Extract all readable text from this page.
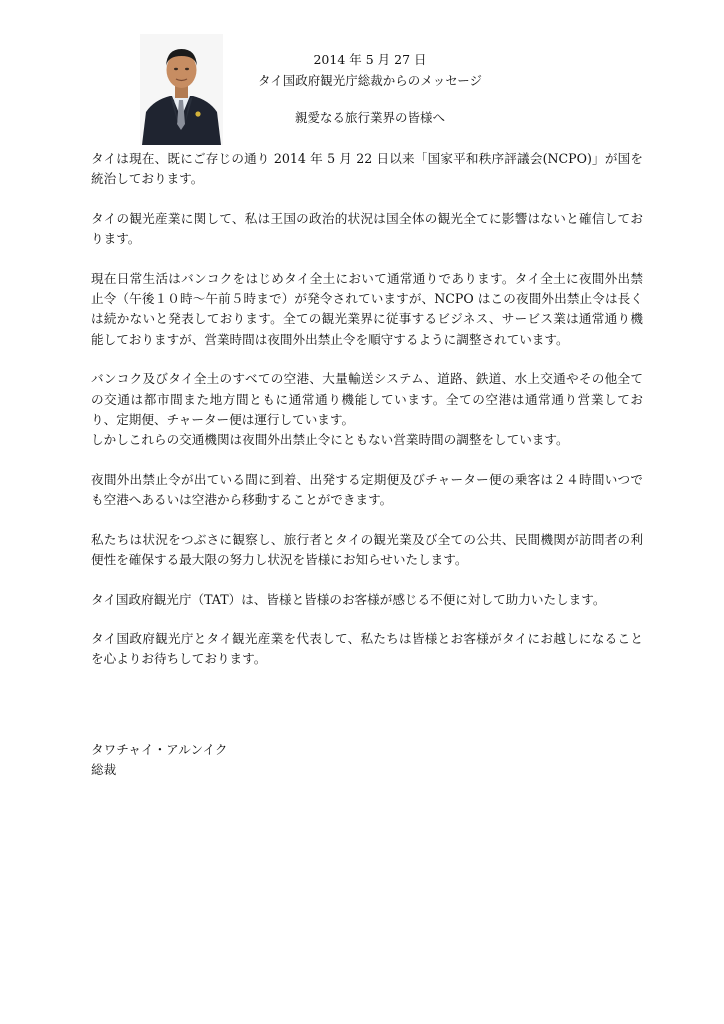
2014 年 5 月 27 日
タイ国政府観光庁総裁からのメッセージ
親愛なる旅行業界の皆様へ

タイは現在、既にご存じの通り 2014 年 5 月 22 日以来「国家平和秩序評議会(NCPO)」が国を統治しております。

タイの観光産業に関して、私は王国の政治的状況は国全体の観光全てに影響はないと確信しております。

現在日常生活はバンコクをはじめタイ全土において通常通りであります。タイ全土に夜間外出禁止令（午後１０時～午前５時まで）が発令されていますが、NCPO はこの夜間外出禁止令は長くは続かないと発表しております。全ての観光業界に従事するビジネス、サービス業は通常通り機能しておりますが、営業時間は夜間外出禁止令を順守するように調整されています。

バンコク及びタイ全土のすべての空港、大量輸送システム、道路、鉄道、水上交通やその他全ての交通は都市間また地方間ともに通常通り機能しています。全ての空港は通常通り営業しており、定期便、チャーター便は運行しています。
しかしこれらの交通機関は夜間外出禁止令にともない営業時間の調整をしています。

夜間外出禁止令が出ている間に到着、出発する定期便及びチャーター便の乗客は２４時間いつでも空港へあるいは空港から移動することができます。

私たちは状況をつぶさに観察し、旅行者とタイの観光業及び全ての公共、民間機関が訪問者の利便性を確保する最大限の努力し状況を皆様にお知らせいたします。

タイ国政府観光庁（TAT）は、皆様と皆様のお客様が感じる不便に対して助力いたします。

タイ国政府観光庁とタイ観光産業を代表して、私たちは皆様とお客様がタイにお越しになることを心よりお待ちしております。

タワチャイ・アルンイク
総裁
